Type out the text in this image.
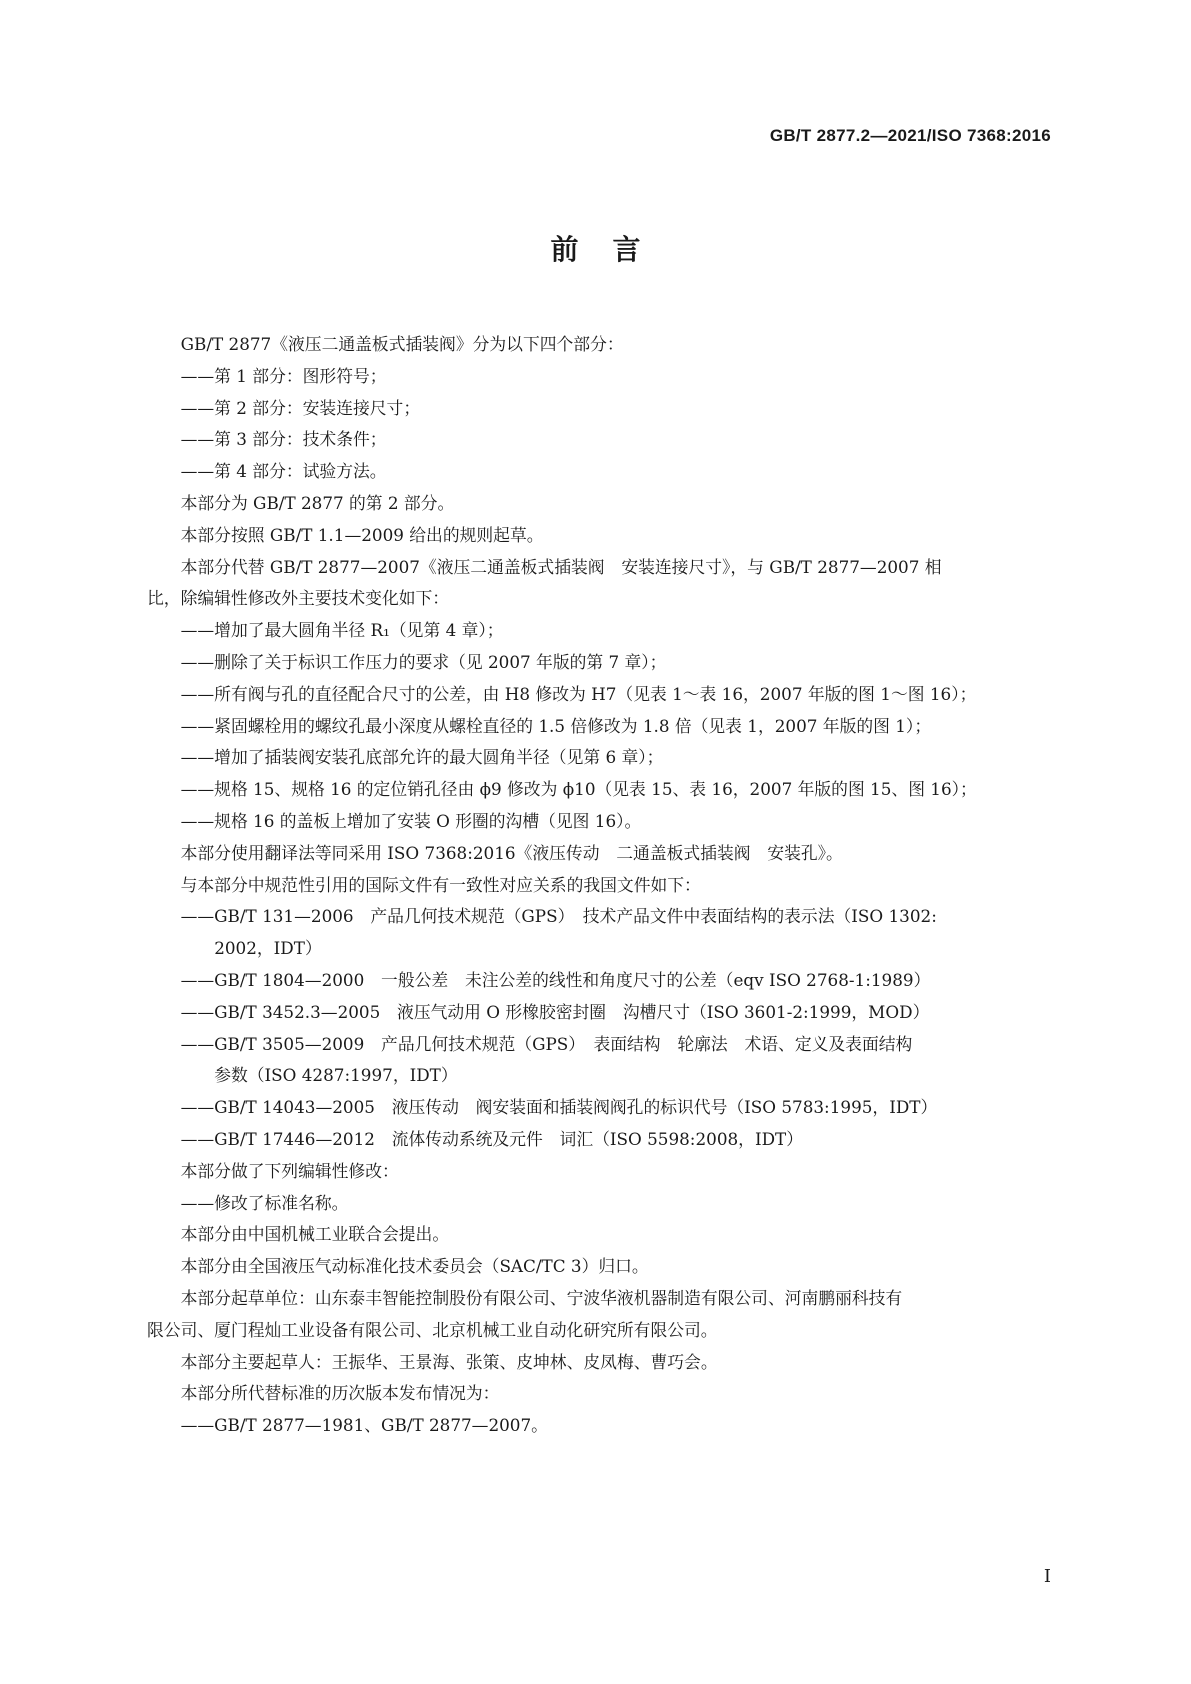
GB/T 2877.2—2021/ISO 7368:2016
前言
GB/T 2877《液压二通盖板式插装阀》分为以下四个部分：
——第 1 部分：图形符号；
——第 2 部分：安装连接尺寸；
——第 3 部分：技术条件；
——第 4 部分：试验方法。
本部分为 GB/T 2877 的第 2 部分。
本部分按照 GB/T 1.1—2009 给出的规则起草。
本部分代替 GB/T 2877—2007《液压二通盖板式插装阀　安装连接尺寸》，与 GB/T 2877—2007 相
比，除编辑性修改外主要技术变化如下：
——增加了最大圆角半径 R₁（见第 4 章）；
——删除了关于标识工作压力的要求（见 2007 年版的第 7 章）；
——所有阀与孔的直径配合尺寸的公差，由 H8 修改为 H7（见表 1～表 16，2007 年版的图 1～图 16）；
——紧固螺栓用的螺纹孔最小深度从螺栓直径的 1.5 倍修改为 1.8 倍（见表 1，2007 年版的图 1）；
——增加了插装阀安装孔底部允许的最大圆角半径（见第 6 章）；
——规格 15、规格 16 的定位销孔径由 ϕ9 修改为 ϕ10（见表 15、表 16，2007 年版的图 15、图 16）；
——规格 16 的盖板上增加了安装 O 形圈的沟槽（见图 16）。
本部分使用翻译法等同采用 ISO 7368:2016《液压传动　二通盖板式插装阀　安装孔》。
与本部分中规范性引用的国际文件有一致性对应关系的我国文件如下：
——GB/T 131—2006　产品几何技术规范（GPS）　技术产品文件中表面结构的表示法（ISO 1302:
2002，IDT）
——GB/T 1804—2000　一般公差　未注公差的线性和角度尺寸的公差（eqv ISO 2768-1:1989）
——GB/T 3452.3—2005　液压气动用 O 形橡胶密封圈　沟槽尺寸（ISO 3601-2:1999，MOD）
——GB/T 3505—2009　产品几何技术规范（GPS）　表面结构　轮廓法　术语、定义及表面结构
参数（ISO 4287:1997，IDT）
——GB/T 14043—2005　液压传动　阀安装面和插装阀阀孔的标识代号（ISO 5783:1995，IDT）
——GB/T 17446—2012　流体传动系统及元件　词汇（ISO 5598:2008，IDT）
本部分做了下列编辑性修改：
——修改了标准名称。
本部分由中国机械工业联合会提出。
本部分由全国液压气动标准化技术委员会（SAC/TC 3）归口。
本部分起草单位：山东泰丰智能控制股份有限公司、宁波华液机器制造有限公司、河南鹏丽科技有
限公司、厦门程灿工业设备有限公司、北京机械工业自动化研究所有限公司。
本部分主要起草人：王振华、王景海、张策、皮坤林、皮凤梅、曹巧会。
本部分所代替标准的历次版本发布情况为：
——GB/T 2877—1981、GB/T 2877—2007。
I
